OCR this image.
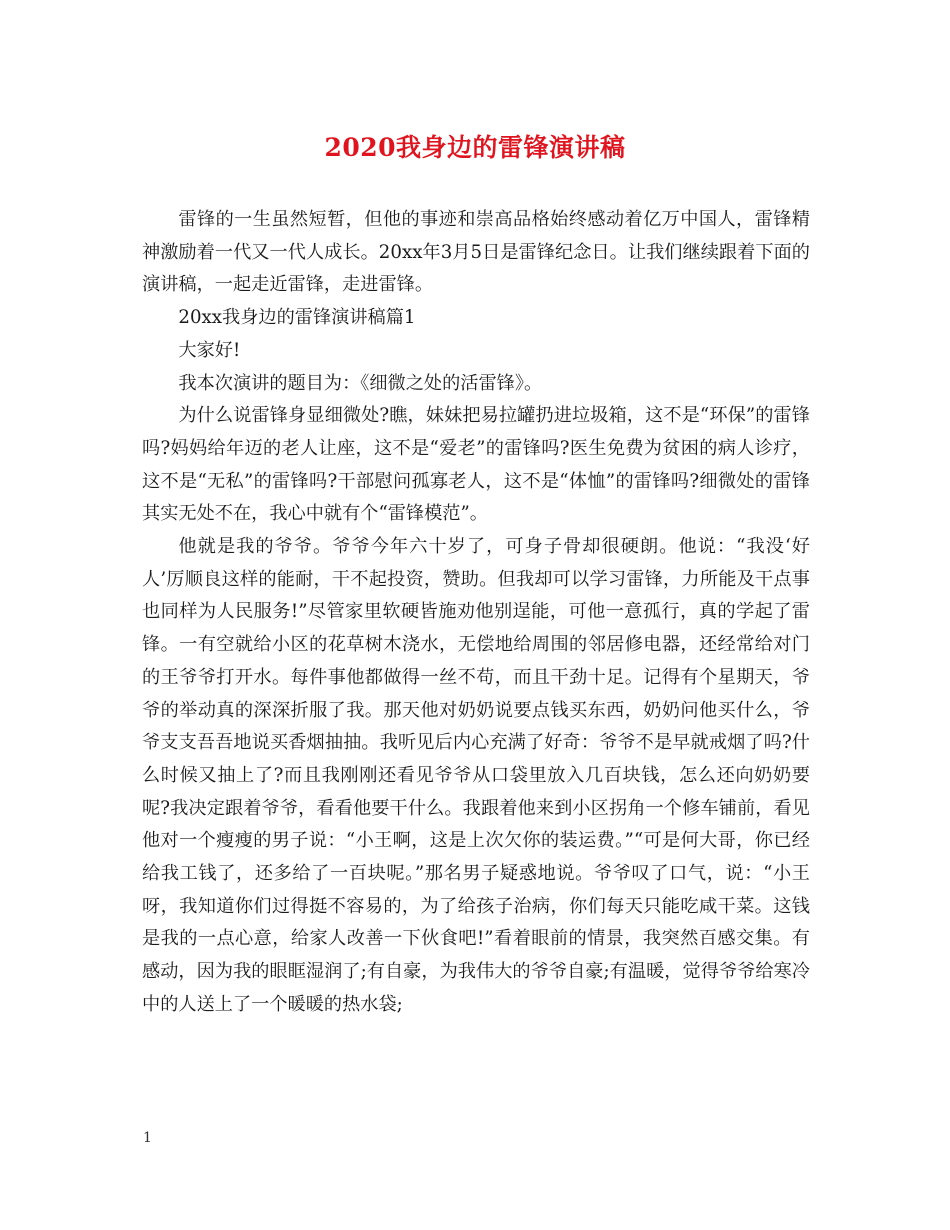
2020我身边的雷锋演讲稿

雷锋的一生虽然短暂，但他的事迹和崇高品格始终感动着亿万中国人，雷锋精神激励着一代又一代人成长。20xx年3月5日是雷锋纪念日。让我们继续跟着下面的演讲稿，一起走近雷锋，走进雷锋。

20xx我身边的雷锋演讲稿篇1

大家好!

我本次演讲的题目为：《细微之处的活雷锋》。

为什么说雷锋身显细微处?瞧，妹妹把易拉罐扔进垃圾箱，这不是“环保”的雷锋吗?妈妈给年迈的老人让座，这不是“爱老”的雷锋吗?医生免费为贫困的病人诊疗，这不是“无私”的雷锋吗?干部慰问孤寡老人，这不是“体恤”的雷锋吗?细微处的雷锋其实无处不在，我心中就有个“雷锋模范”。

他就是我的爷爷。爷爷今年六十岁了，可身子骨却很硬朗。他说：“我没‘好人’厉顺良这样的能耐，干不起投资，赞助。但我却可以学习雷锋，力所能及干点事也同样为人民服务!”尽管家里软硬皆施劝他别逞能，可他一意孤行，真的学起了雷锋。一有空就给小区的花草树木浇水，无偿地给周围的邻居修电器，还经常给对门的王爷爷打开水。每件事他都做得一丝不苟，而且干劲十足。记得有个星期天，爷爷的举动真的深深折服了我。那天他对奶奶说要点钱买东西，奶奶问他买什么，爷爷支支吾吾地说买香烟抽抽。我听见后内心充满了好奇：爷爷不是早就戒烟了吗?什么时候又抽上了?而且我刚刚还看见爷爷从口袋里放入几百块钱，怎么还向奶奶要呢?我决定跟着爷爷，看看他要干什么。我跟着他来到小区拐角一个修车铺前，看见他对一个瘦瘦的男子说：“小王啊，这是上次欠你的装运费。”“可是何大哥，你已经给我工钱了，还多给了一百块呢。”那名男子疑惑地说。爷爷叹了口气，说：“小王呀，我知道你们过得挺不容易的，为了给孩子治病，你们每天只能吃咸干菜。这钱是我的一点心意，给家人改善一下伙食吧!”看着眼前的情景，我突然百感交集。有感动，因为我的眼眶湿润了;有自豪，为我伟大的爷爷自豪;有温暖，觉得爷爷给寒冷中的人送上了一个暖暖的热水袋;

1
